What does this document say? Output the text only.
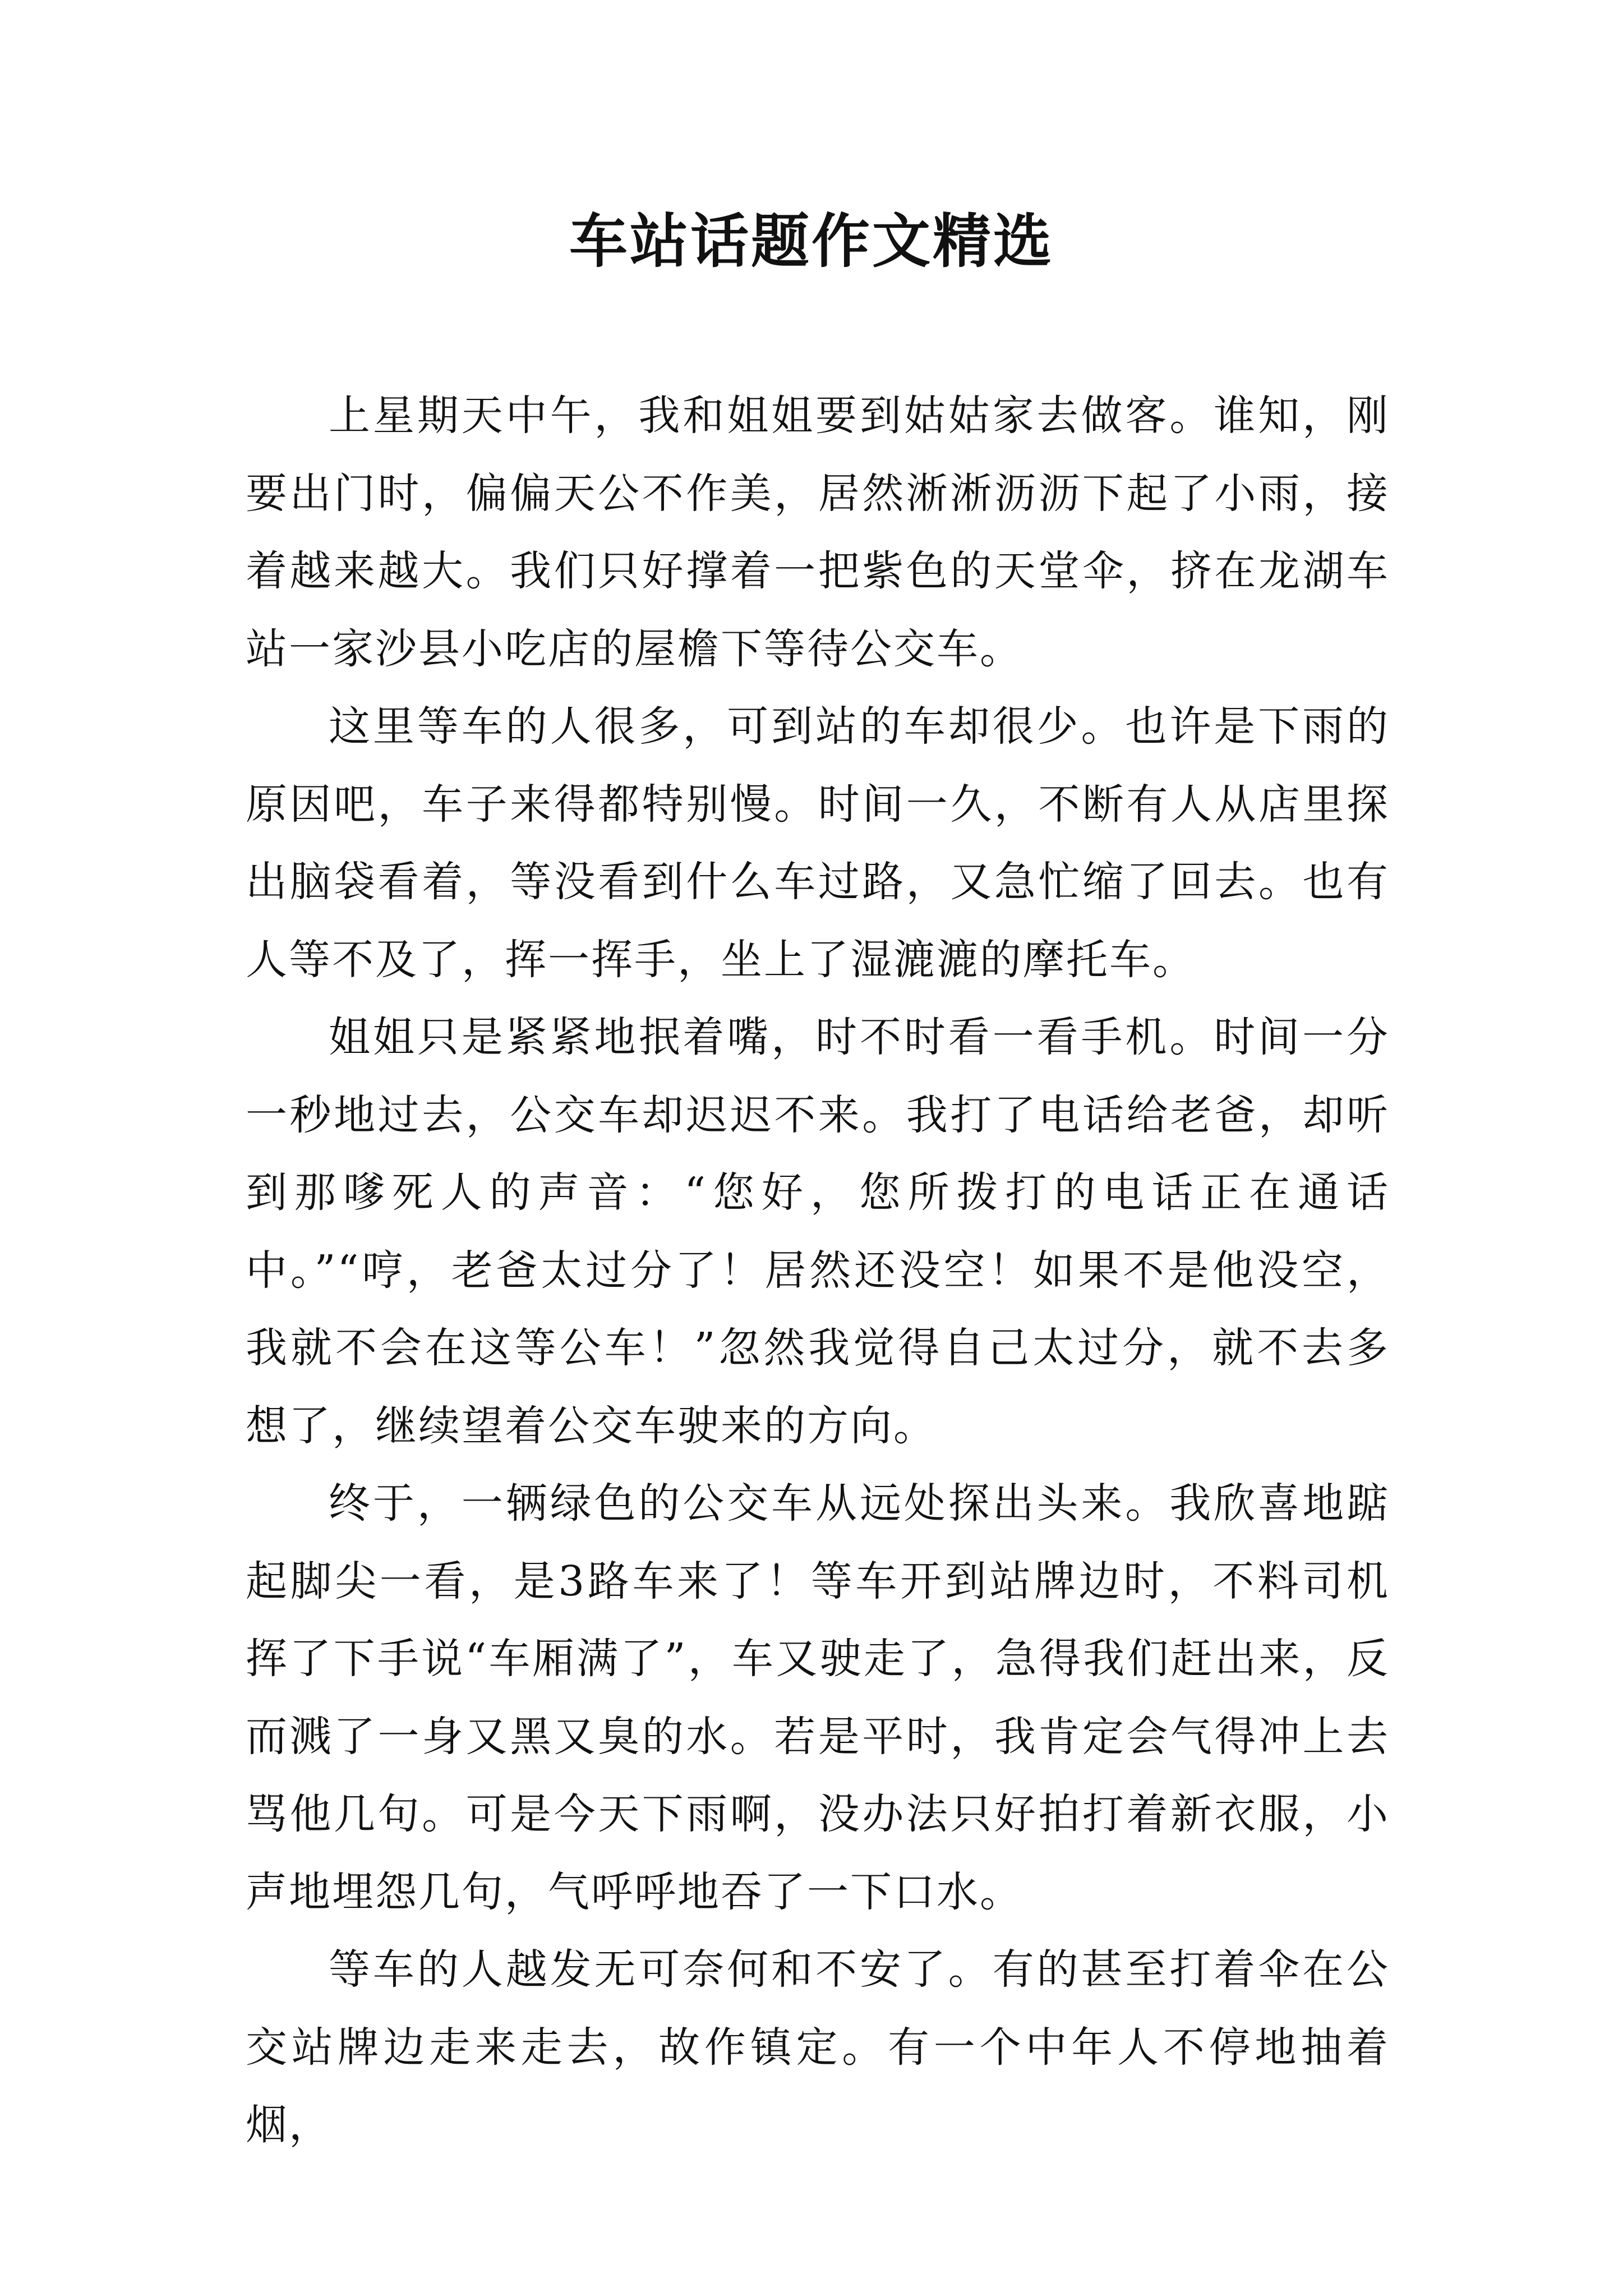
车站话题作文精选

上星期天中午，我和姐姐要到姑姑家去做客。谁知，刚要出门时，偏偏天公不作美，居然淅淅沥沥下起了小雨，接着越来越大。我们只好撑着一把紫色的天堂伞，挤在龙湖车站一家沙县小吃店的屋檐下等待公交车。

这里等车的人很多，可到站的车却很少。也许是下雨的原因吧，车子来得都特别慢。时间一久，不断有人从店里探出脑袋看着，等没看到什么车过路，又急忙缩了回去。也有人等不及了，挥一挥手，坐上了湿漉漉的摩托车。

姐姐只是紧紧地抿着嘴，时不时看一看手机。时间一分一秒地过去，公交车却迟迟不来。我打了电话给老爸，却听到那嗲死人的声音：“您好，您所拨打的电话正在通话中。”“哼，老爸太过分了！居然还没空！如果不是他没空，我就不会在这等公车！”忽然我觉得自己太过分，就不去多想了，继续望着公交车驶来的方向。

终于，一辆绿色的公交车从远处探出头来。我欣喜地踮起脚尖一看，是3路车来了！等车开到站牌边时，不料司机挥了下手说“车厢满了”，车又驶走了，急得我们赶出来，反而溅了一身又黑又臭的水。若是平时，我肯定会气得冲上去骂他几句。可是今天下雨啊，没办法只好拍打着新衣服，小声地埋怨几句，气呼呼地吞了一下口水。

等车的人越发无可奈何和不安了。有的甚至打着伞在公交站牌边走来走去，故作镇定。有一个中年人不停地抽着烟，
